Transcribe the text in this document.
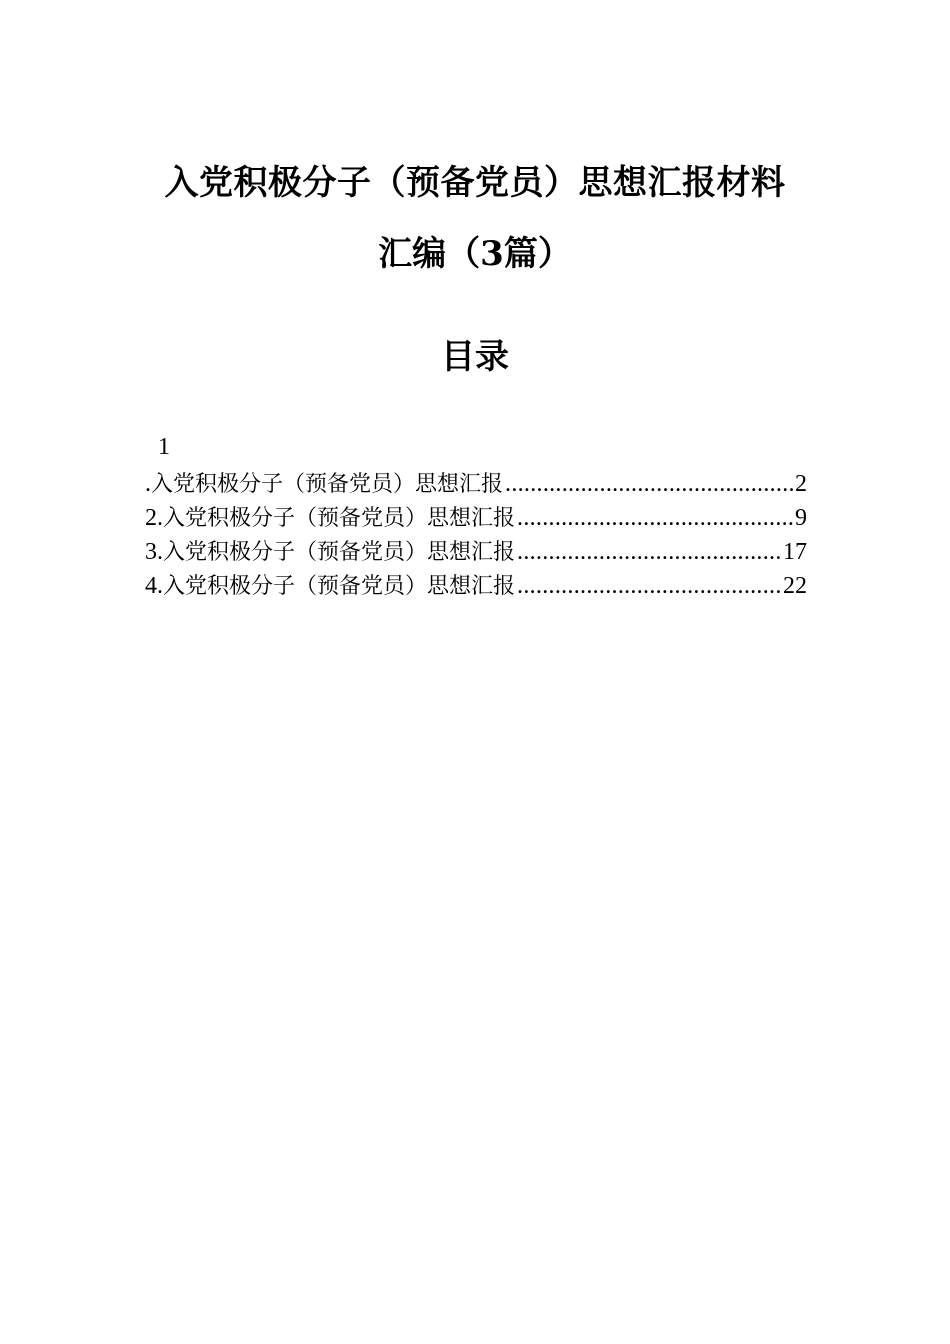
入党积极分子（预备党员）思想汇报材料
汇编（3篇）
目录
1
. 入党积极分子（预备党员）思想汇报 .....	2
2. 入党积极分子（预备党员）思想汇报 .....	9
3. 入党积极分子（预备党员）思想汇报 .....	17
4. 入党积极分子（预备党员）思想汇报 .....	22
